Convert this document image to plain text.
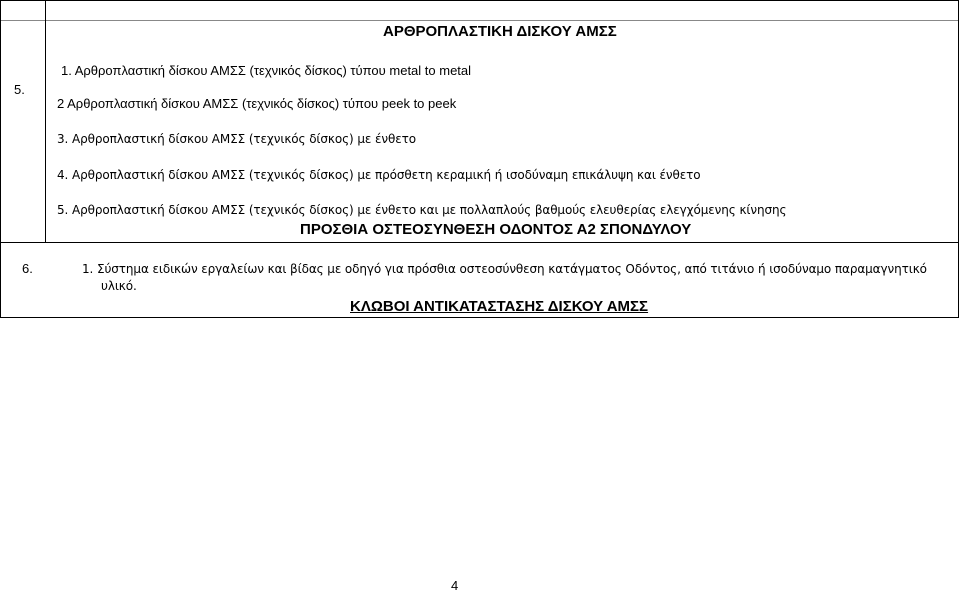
ΑΡΘΡΟΠΛΑΣΤΙΚΗ ΔΙΣΚΟΥ ΑΜΣΣ
5.
1. Αρθροπλαστική δίσκου ΑΜΣΣ (τεχνικός δίσκος) τύπου metal to metal
2 Αρθροπλαστική δίσκου ΑΜΣΣ (τεχνικός δίσκος) τύπου peek to peek
3. Αρθροπλαστική δίσκου ΑΜΣΣ (τεχνικός δίσκος) με ένθετο
4. Αρθροπλαστική δίσκου ΑΜΣΣ (τεχνικός δίσκος) με πρόσθετη κεραμική ή ισοδύναμη επικάλυψη και ένθετο
5. Αρθροπλαστική δίσκου ΑΜΣΣ (τεχνικός δίσκος) με ένθετο και με πολλαπλούς βαθμούς ελευθερίας ελεγχόμενης κίνησης
ΠΡΟΣΘΙΑ ΟΣΤΕΟΣΥΝΘΕΣΗ ΟΔΟΝΤΟΣ Α2 ΣΠΟΝΔΥΛΟΥ
6.	1. Σύστημα ειδικών εργαλείων και βίδας με οδηγό για πρόσθια οστεοσύνθεση κατάγματος Οδόντος, από τιτάνιο ή ισοδύναμο παραμαγνητικό
υλικό.
ΚΛΩΒΟΙ ΑΝΤΙΚΑΤΑΣΤΑΣΗΣ ΔΙΣΚΟΥ ΑΜΣΣ
4
